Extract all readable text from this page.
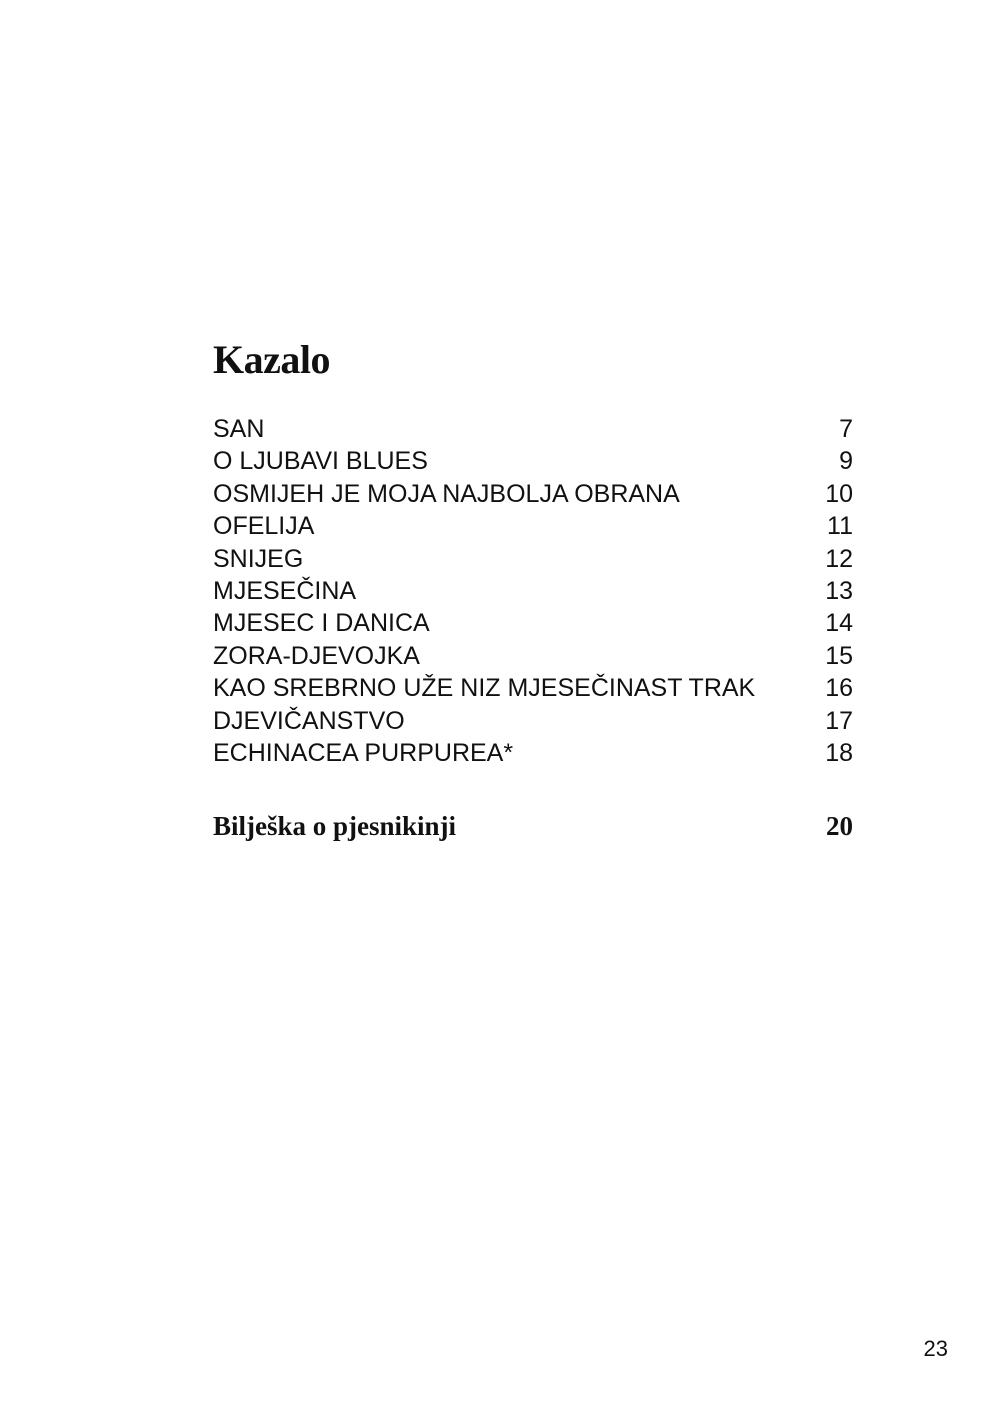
Kazalo
SAN	7
O LJUBAVI BLUES	9
OSMIJEH JE MOJA NAJBOLJA OBRANA	10
OFELIJA	11
SNIJEG	12
MJESEČINA	13
MJESEC I DANICA	14
ZORA-DJEVOJKA	15
KAO SREBRNO UŽE NIZ MJESEČINAST TRAK	16
DJEVIČANSTVO	17
ECHINACEA PURPUREA*	18
Bilješka o pjesnikinji	20
23
